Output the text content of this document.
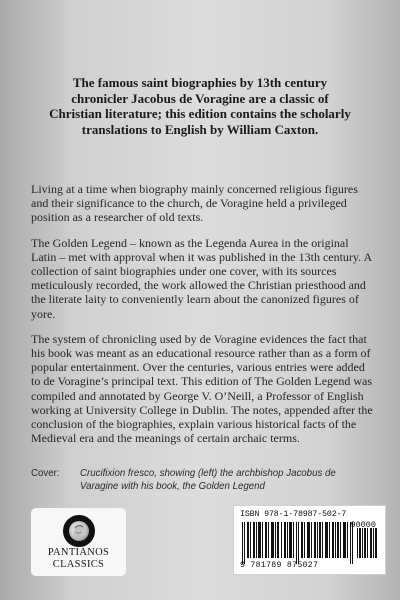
The famous saint biographies by 13th century chronicler Jacobus de Voragine are a classic of Christian literature; this edition contains the scholarly translations to English by William Caxton.

Living at a time when biography mainly concerned religious figures and their significance to the church, de Voragine held a privileged position as a researcher of old texts.

The Golden Legend – known as the Legenda Aurea in the original Latin – met with approval when it was published in the 13th century. A collection of saint biographies under one cover, with its sources meticulously recorded, the work allowed the Christian priesthood and the literate laity to conveniently learn about the canonized figures of yore.

The system of chronicling used by de Voragine evidences the fact that his book was meant as an educational resource rather than as a form of popular entertainment. Over the centuries, various entries were added to de Voragine’s principal text. This edition of The Golden Legend was compiled and annotated by George V. O’Neill, a Professor of English working at University College in Dublin. The notes, appended after the conclusion of the biographies, explain various historical facts of the Medieval era and the meanings of certain archaic terms.

Cover: Crucifixion fresco, showing (left) the archbishop Jacobus de Varagine with his book, the Golden Legend
PANTIANOS
CLASSICS
ISBN 978-1-78987-502-7
90000
9 781789 875027
